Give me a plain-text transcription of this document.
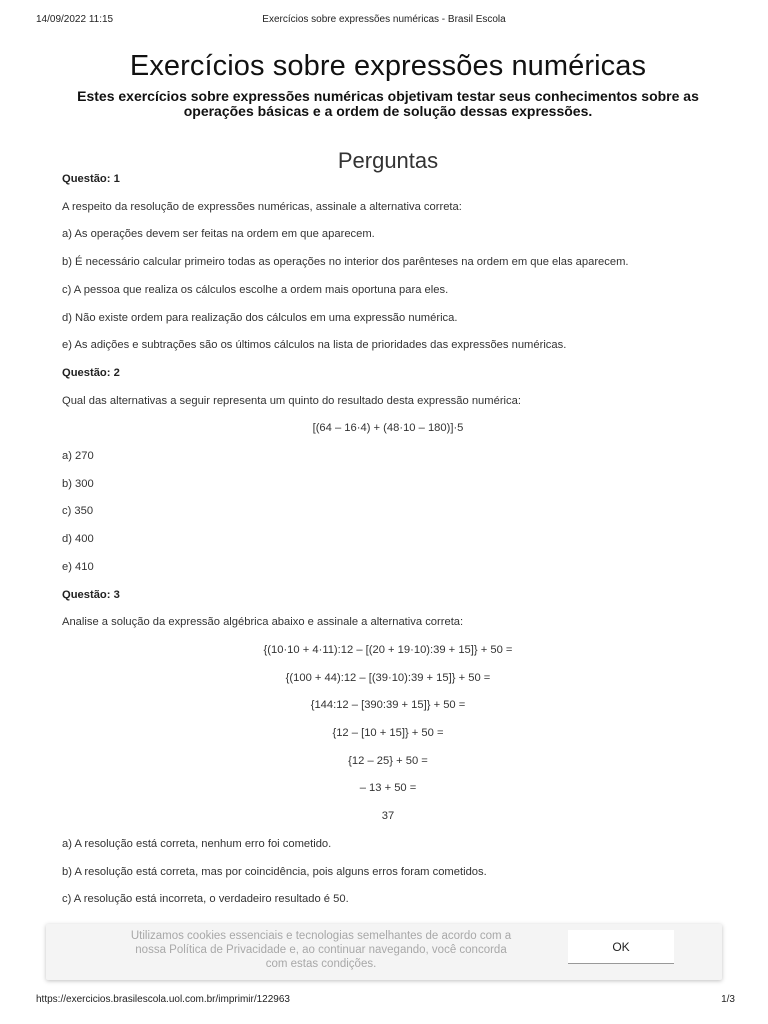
14/09/2022 11:15	Exercícios sobre expressões numéricas - Brasil Escola
Exercícios sobre expressões numéricas

Estes exercícios sobre expressões numéricas objetivam testar seus conhecimentos sobre as
operações básicas e a ordem de solução dessas expressões.

Perguntas
Questão: 1
A respeito da resolução de expressões numéricas, assinale a alternativa correta:
a) As operações devem ser feitas na ordem em que aparecem.
b) É necessário calcular primeiro todas as operações no interior dos parênteses na ordem em que elas aparecem.
c) A pessoa que realiza os cálculos escolhe a ordem mais oportuna para eles.
d) Não existe ordem para realização dos cálculos em uma expressão numérica.
e) As adições e subtrações são os últimos cálculos na lista de prioridades das expressões numéricas.
Questão: 2
Qual das alternativas a seguir representa um quinto do resultado desta expressão numérica:
[(64 – 16·4) + (48·10 – 180)]·5
a) 270
b) 300
c) 350
d) 400
e) 410
Questão: 3
Analise a solução da expressão algébrica abaixo e assinale a alternativa correta:
{(10·10 + 4·11):12 – [(20 + 19·10):39 + 15]} + 50 =
{(100 + 44):12 – [(39·10):39 + 15]} + 50 =
{144:12 – [390:39 + 15]} + 50 =
{12 – [10 + 15]} + 50 =
{12 – 25} + 50 =
– 13 + 50 =
37
a) A resolução está correta, nenhum erro foi cometido.
b) A resolução está correta, mas por coincidência, pois alguns erros foram cometidos.
c) A resolução está incorreta, o verdadeiro resultado é 50.
Utilizamos cookies essenciais e tecnologias semelhantes de acordo com a
nossa Política de Privacidade e, ao continuar navegando, você concorda
com estas condições.
OK
https://exercicios.brasilescola.uol.com.br/imprimir/122963	1/3
